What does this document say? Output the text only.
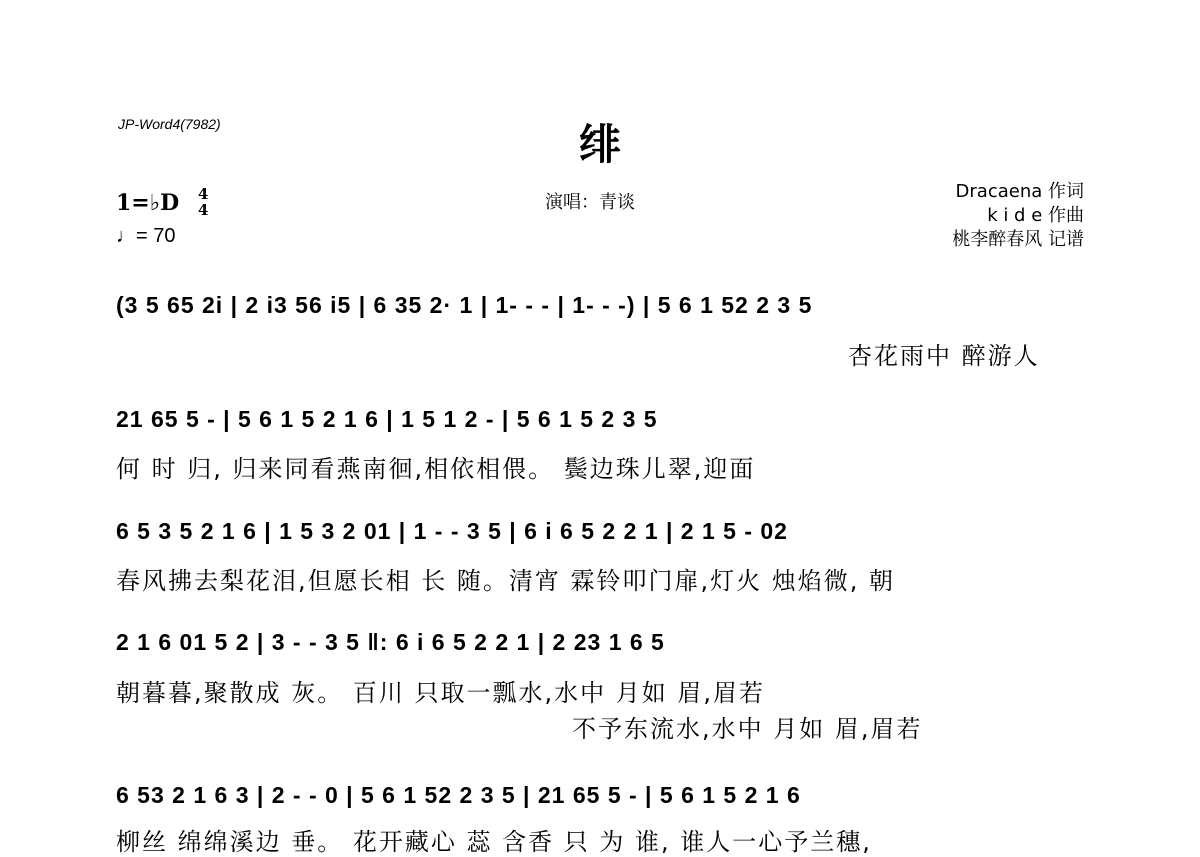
JP-Word4(7982)	绯
演唱：青谈
1=♭D 4
4
♩= 70
Dracaena 作词
k i d e 作曲
桃李醉春风 记谱
(3 5 65 2i | 2 i3 56 i5 | 6 35 2· 1 | 1- - - | 1- - -) | 5 6 1 52 2 3 5
杏花雨中 醉游人
21 65 5 - | 5 6 1 5 2 1 6 | 1 5 1 2 - | 5 6 1 5 2 3 5
何 时 归, 归来同看燕南徊,相依相偎。 鬓边珠儿翠,迎面
6 5 3 5 2 1 6 | 1 5 3 2 01 | 1 - - 3 5 | 6 i 6 5 2 2 1 | 2 1 5 - 02
春风拂去梨花泪,但愿长相 长 随。清宵 霖铃叩门扉,灯火 烛焰微, 朝
2 1 6 01 5 2 | 3 - - 3 5 ‖: 6 i 6 5 2 2 1 | 2 23 1 6 5
朝暮暮,聚散成 灰。 百川 只取一瓢水,水中 月如 眉,眉若
不予东流水,水中 月如 眉,眉若
6 53 2 1 6 3 | 2 - - 0 | 5 6 1 52 2 3 5 | 21 65 5 - | 5 6 1 5 2 1 6
柳丝 绵绵溪边 垂。 花开藏心 蕊 含香 只 为 谁, 谁人一心予兰穗,
